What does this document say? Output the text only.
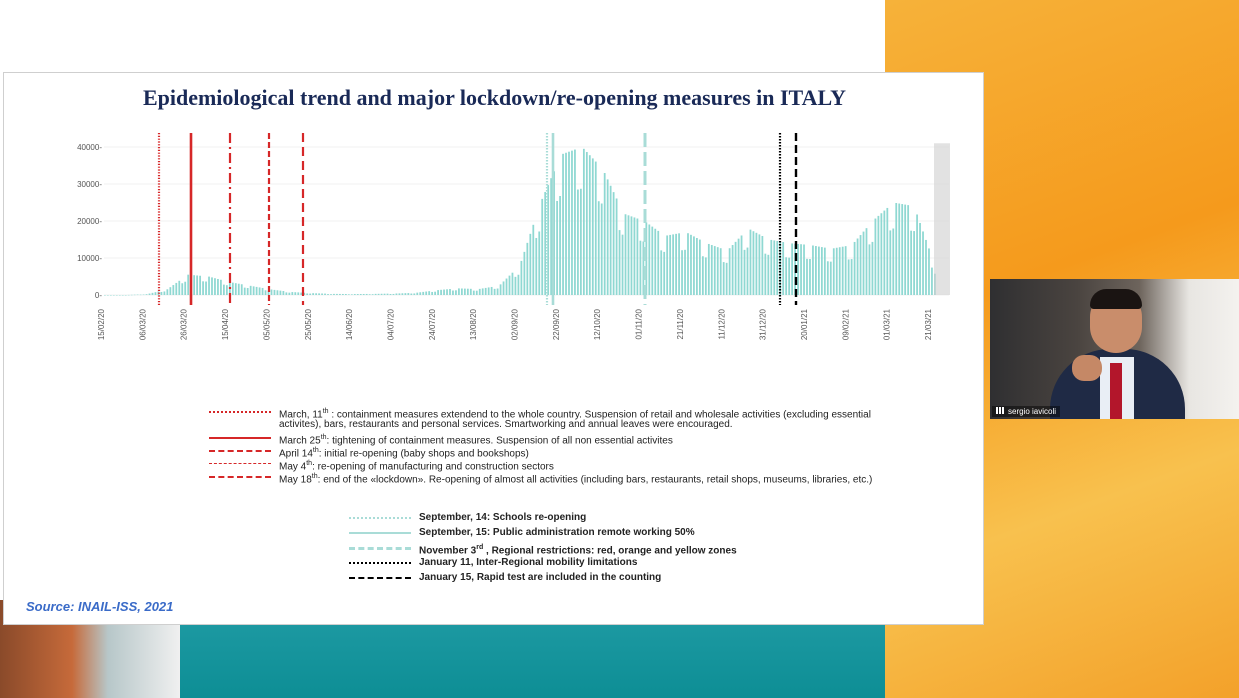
Epidemiological trend and major lockdown/re-opening measures in ITALY
0-
10000-
20000-
30000-
40000-
15/02/20	06/03/20	26/03/20	15/04/20	05/05/20	25/05/20	14/06/20	04/07/20	24/07/20	13/08/20	02/09/20	22/09/20	12/10/20	01/11/20	21/11/20	11/12/20	31/12/20	20/01/21	09/02/21	01/03/21	21/03/21
March, 11th : containment measures extendend to the whole country. Suspension of retail and wholesale activities (excluding essential
activites), bars, restaurants and personal services. Smartworking and annual leaves were encouraged.
March 25th: tightening of containment measures. Suspension of all non essential activites
April 14th: initial re-opening (baby shops and bookshops)
May 4th: re-opening of manufacturing and construction sectors
May 18th: end of the «lockdown». Re-opening of almost all activities (including bars, restaurants, retail shops, museums, libraries, etc.)
September, 14: Schools re-opening
September, 15: Public administration remote working 50%
November 3rd , Regional restrictions: red, orange and yellow zones
January 11, Inter-Regional mobility limitations
January 15, Rapid test are included in the counting
Source: INAIL-ISS, 2021
sergio iavicoli
